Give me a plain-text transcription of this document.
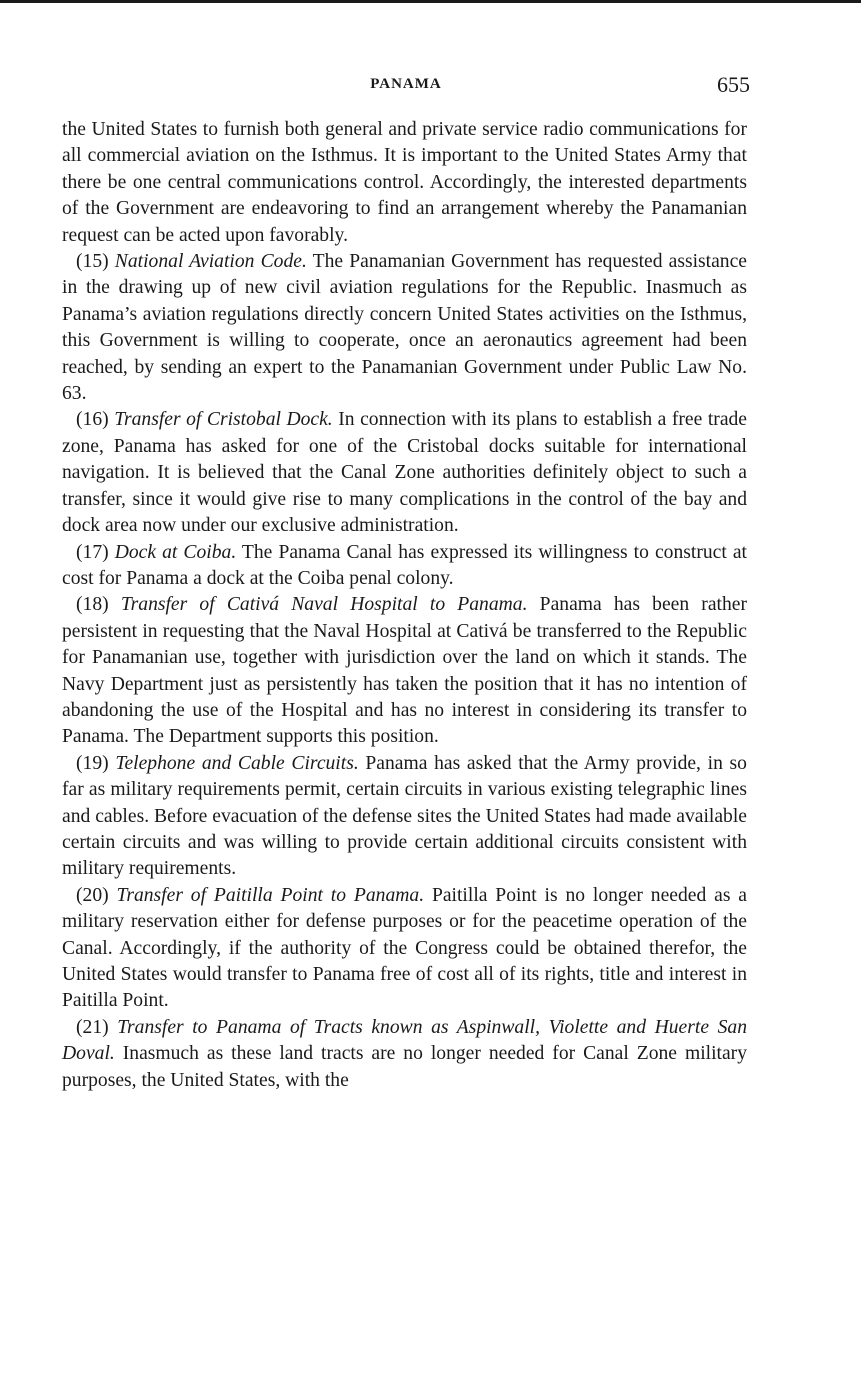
PANAMA	655

the United States to furnish both general and private service radio communications for all commercial aviation on the Isthmus. It is important to the United States Army that there be one central communications control. Accordingly, the interested departments of the Government are endeavoring to find an arrangement whereby the Panamanian request can be acted upon favorably.

(15) National Aviation Code. The Panamanian Government has requested assistance in the drawing up of new civil aviation regulations for the Republic. Inasmuch as Panama’s aviation regulations directly concern United States activities on the Isthmus, this Government is willing to cooperate, once an aeronautics agreement had been reached, by sending an expert to the Panamanian Government under Public Law No. 63.

(16) Transfer of Cristobal Dock. In connection with its plans to establish a free trade zone, Panama has asked for one of the Cristobal docks suitable for international navigation. It is believed that the Canal Zone authorities definitely object to such a transfer, since it would give rise to many complications in the control of the bay and dock area now under our exclusive administration.

(17) Dock at Coiba. The Panama Canal has expressed its willingness to construct at cost for Panama a dock at the Coiba penal colony.

(18) Transfer of Cativá Naval Hospital to Panama. Panama has been rather persistent in requesting that the Naval Hospital at Cativá be transferred to the Republic for Panamanian use, together with jurisdiction over the land on which it stands. The Navy Department just as persistently has taken the position that it has no intention of abandoning the use of the Hospital and has no interest in considering its transfer to Panama. The Department supports this position.

(19) Telephone and Cable Circuits. Panama has asked that the Army provide, in so far as military requirements permit, certain circuits in various existing telegraphic lines and cables. Before evacuation of the defense sites the United States had made available certain circuits and was willing to provide certain additional circuits consistent with military requirements.

(20) Transfer of Paitilla Point to Panama. Paitilla Point is no longer needed as a military reservation either for defense purposes or for the peacetime operation of the Canal. Accordingly, if the authority of the Congress could be obtained therefor, the United States would transfer to Panama free of cost all of its rights, title and interest in Paitilla Point.

(21) Transfer to Panama of Tracts known as Aspinwall, Violette and Huerte San Doval. Inasmuch as these land tracts are no longer needed for Canal Zone military purposes, the United States, with the
